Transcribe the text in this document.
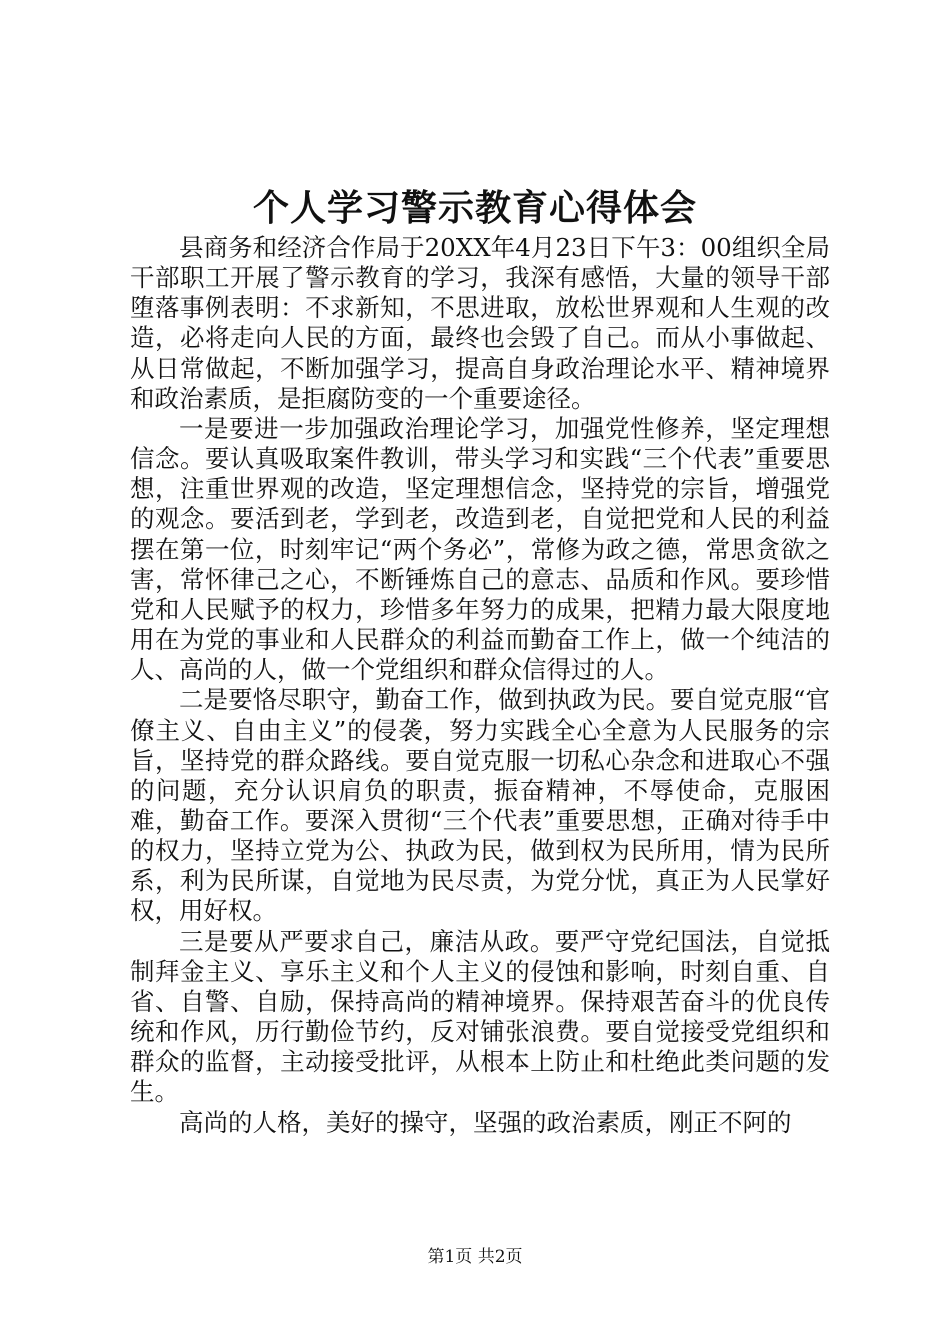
个人学习警示教育心得体会

县商务和经济合作局于20XX年4月23日下午3：00组织全局干部职工开展了警示教育的学习，我深有感悟，大量的领导干部堕落事例表明：不求新知，不思进取，放松世界观和人生观的改造，必将走向人民的方面，最终也会毁了自己。而从小事做起、从日常做起，不断加强学习，提高自身政治理论水平、精神境界和政治素质，是拒腐防变的一个重要途径。

一是要进一步加强政治理论学习，加强党性修养，坚定理想信念。要认真吸取案件教训，带头学习和实践“三个代表”重要思想，注重世界观的改造，坚定理想信念，坚持党的宗旨，增强党的观念。要活到老，学到老，改造到老，自觉把党和人民的利益摆在第一位，时刻牢记“两个务必”，常修为政之德，常思贪欲之害，常怀律己之心，不断锤炼自己的意志、品质和作风。要珍惜党和人民赋予的权力，珍惜多年努力的成果，把精力最大限度地用在为党的事业和人民群众的利益而勤奋工作上，做一个纯洁的人、高尚的人，做一个党组织和群众信得过的人。

二是要恪尽职守，勤奋工作，做到执政为民。要自觉克服“官僚主义、自由主义”的侵袭，努力实践全心全意为人民服务的宗旨，坚持党的群众路线。要自觉克服一切私心杂念和进取心不强的问题，充分认识肩负的职责，振奋精神，不辱使命，克服困难，勤奋工作。要深入贯彻“三个代表”重要思想，正确对待手中的权力，坚持立党为公、执政为民，做到权为民所用，情为民所系，利为民所谋，自觉地为民尽责，为党分忧，真正为人民掌好权，用好权。

三是要从严要求自己，廉洁从政。要严守党纪国法，自觉抵制拜金主义、享乐主义和个人主义的侵蚀和影响，时刻自重、自省、自警、自励，保持高尚的精神境界。保持艰苦奋斗的优良传统和作风，历行勤俭节约，反对铺张浪费。要自觉接受党组织和群众的监督，主动接受批评，从根本上防止和杜绝此类问题的发生。

高尚的人格，美好的操守，坚强的政治素质，刚正不阿的

第1页 共2页
